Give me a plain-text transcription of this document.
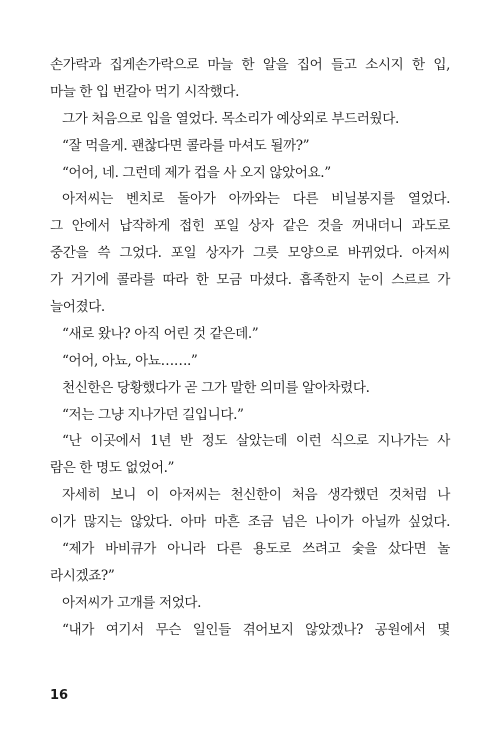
손가락과 집게손가락으로 마늘 한 알을 집어 들고 소시지 한 입,
마늘 한 입 번갈아 먹기 시작했다.
그가 처음으로 입을 열었다. 목소리가 예상외로 부드러웠다.
“잘 먹을게. 괜찮다면 콜라를 마셔도 될까?”
“어어, 네. 그런데 제가 컵을 사 오지 않았어요.”
아저씨는 벤치로 돌아가 아까와는 다른 비닐봉지를 열었다.
그 안에서 납작하게 접힌 포일 상자 같은 것을 꺼내더니 과도로
중간을 쓱 그었다. 포일 상자가 그릇 모양으로 바뀌었다. 아저씨
가 거기에 콜라를 따라 한 모금 마셨다. 흡족한지 눈이 스르르 가
늘어졌다.
“새로 왔나? 아직 어린 것 같은데.”
“어어, 아뇨, 아뇨…….”
천신한은 당황했다가 곧 그가 말한 의미를 알아차렸다.
“저는 그냥 지나가던 길입니다.”
“난 이곳에서 1년 반 정도 살았는데 이런 식으로 지나가는 사
람은 한 명도 없었어.”
자세히 보니 이 아저씨는 천신한이 처음 생각했던 것처럼 나
이가 많지는 않았다. 아마 마흔 조금 넘은 나이가 아닐까 싶었다.
“제가 바비큐가 아니라 다른 용도로 쓰려고 숯을 샀다면 놀
라시겠죠?”
아저씨가 고개를 저었다.
“내가 여기서 무슨 일인들 겪어보지 않았겠나? 공원에서 몇
16
